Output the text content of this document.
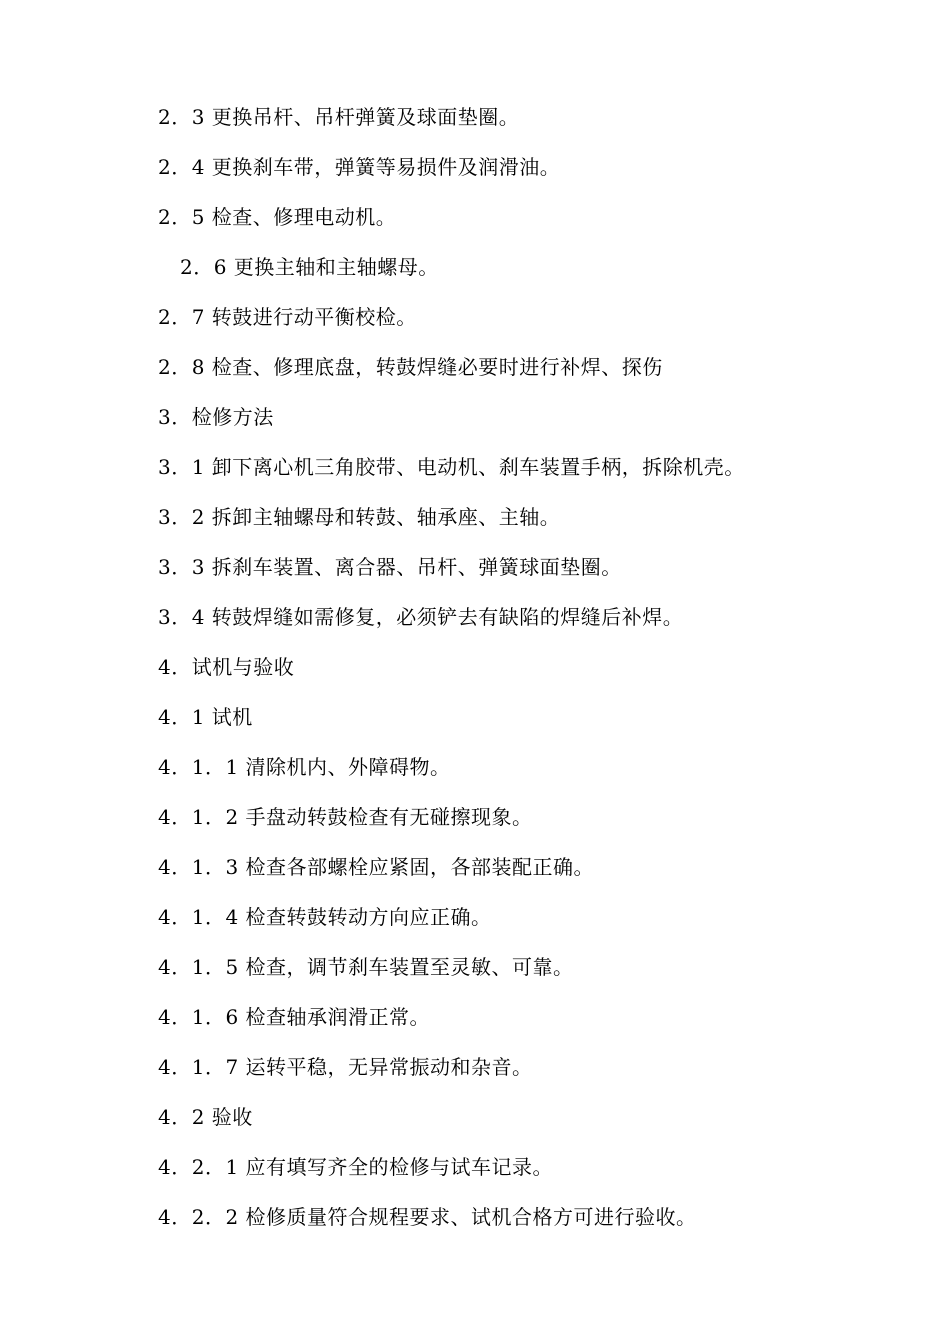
2．3 更换吊杆、吊杆弹簧及球面垫圈。
2．4 更换刹车带，弹簧等易损件及润滑油。
2．5 检查、修理电动机。
2．6 更换主轴和主轴螺母。
2．7 转鼓进行动平衡校检。
2．8 检查、修理底盘，转鼓焊缝必要时进行补焊、探伤
3．检修方法
3．1 卸下离心机三角胶带、电动机、刹车装置手柄，拆除机壳。
3．2 拆卸主轴螺母和转鼓、轴承座、主轴。
3．3 拆刹车装置、离合器、吊杆、弹簧球面垫圈。
3．4 转鼓焊缝如需修复，必须铲去有缺陷的焊缝后补焊。
4．试机与验收
4．1 试机
4．1．1 清除机内、外障碍物。
4．1．2 手盘动转鼓检查有无碰擦现象。
4．1．3 检查各部螺栓应紧固，各部装配正确。
4．1．4 检查转鼓转动方向应正确。
4．1．5 检查，调节刹车装置至灵敏、可靠。
4．1．6 检查轴承润滑正常。
4．1．7 运转平稳，无异常振动和杂音。
4．2 验收
4．2．1 应有填写齐全的检修与试车记录。
4．2．2 检修质量符合规程要求、试机合格方可进行验收。
